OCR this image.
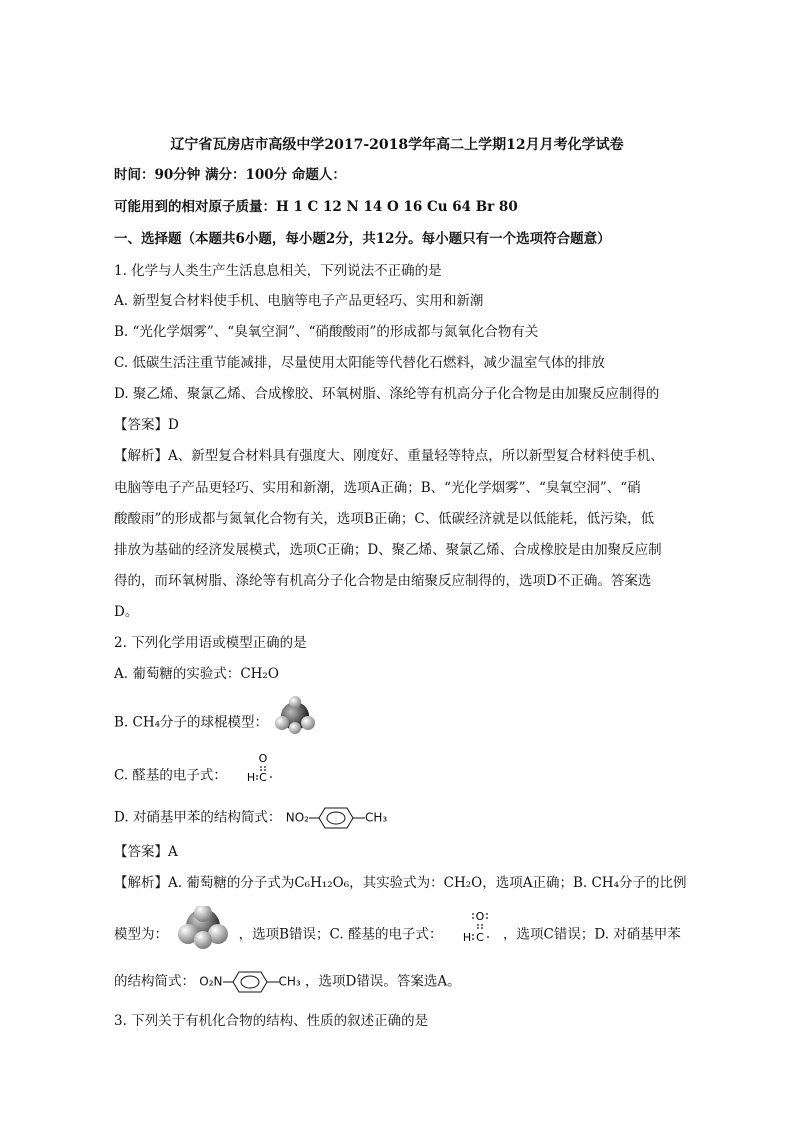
辽宁省瓦房店市高级中学2017-2018学年高二上学期12月月考化学试卷
时间：90分钟 满分：100分 命题人：
可能用到的相对原子质量：H 1 C 12 N 14 O 16 Cu 64 Br 80
一、选择题（本题共6小题，每小题2分，共12分。每小题只有一个选项符合题意）
1. 化学与人类生产生活息息相关，下列说法不正确的是
A. 新型复合材料使手机、电脑等电子产品更轻巧、实用和新潮
B. “光化学烟雾”、“臭氧空洞”、“硝酸酸雨”的形成都与氮氧化合物有关
C. 低碳生活注重节能减排，尽量使用太阳能等代替化石燃料，减少温室气体的排放
D. 聚乙烯、聚氯乙烯、合成橡胶、环氧树脂、涤纶等有机高分子化合物是由加聚反应制得的
【答案】D
【解析】A、新型复合材料具有强度大、刚度好、重量轻等特点，所以新型复合材料使手机、
电脑等电子产品更轻巧、实用和新潮，选项A正确；B、“光化学烟雾”、“臭氧空洞”、“硝
酸酸雨”的形成都与氮氧化合物有关，选项B正确；C、低碳经济就是以低能耗，低污染，低
排放为基础的经济发展模式，选项C正确；D、聚乙烯、聚氯乙烯、合成橡胶是由加聚反应制
得的，而环氧树脂、涤纶等有机高分子化合物是由缩聚反应制得的，选项D不正确。答案选
D。
2. 下列化学用语或模型正确的是
A. 葡萄糖的实验式：CH₂O
B. CH₄分子的球棍模型：
C. 醛基的电子式：
O
H C
D. 对硝基甲苯的结构简式： NO₂	CH₃
【答案】A
【解析】A. 葡萄糖的分子式为C₆H₁₂O₆，其实验式为：CH₂O，选项A正确；B. CH₄分子的比例
模型为：	，选项B错误；C. 醛基的电子式：
O
H C ，选项C错误；D. 对硝基甲苯
的结构简式： O₂N	CH₃ ，选项D错误。答案选A。
3. 下列关于有机化合物的结构、性质的叙述正确的是
